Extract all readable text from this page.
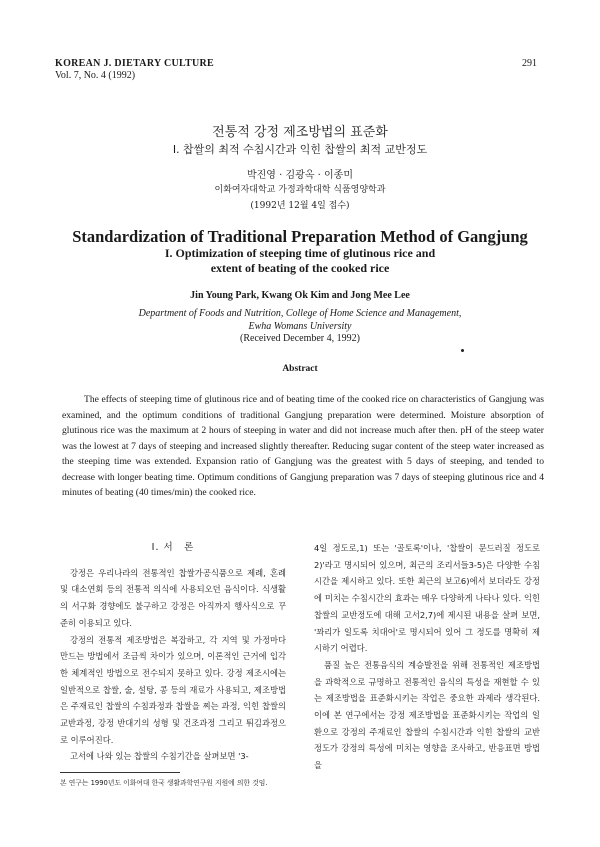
KOREAN J. DIETARY CULTURE
Vol. 7, No. 4 (1992)
291
전통적 강정 제조방법의 표준화
I. 찹쌀의 최적 수침시간과 익힌 찹쌀의 최적 교반정도
박진영 · 김광옥 · 이종미
이화여자대학교 가정과학대학 식품영양학과
(1992년 12월 4일 접수)
Standardization of Traditional Preparation Method of Gangjung
I. Optimization of steeping time of glutinous rice and
extent of beating of the cooked rice
Jin Young Park, Kwang Ok Kim and Jong Mee Lee
Department of Foods and Nutrition, College of Home Science and Management,
Ewha Womans University
(Received December 4, 1992)
Abstract
The effects of steeping time of glutinous rice and of beating time of the cooked rice on characteristics of Gangjung was examined, and the optimum conditions of traditional Gangjung preparation were determined. Moisture absorption of glutinous rice was the maximum at 2 hours of steeping in water and did not increase much after then. pH of the steep water was the lowest at 7 days of steeping and increased slightly thereafter. Reducing sugar content of the steep water increased as the steeping time was extended. Expansion ratio of Gangjung was the greatest with 5 days of steeping, and tended to decrease with longer beating time. Optimum conditions of Gangjung preparation was 7 days of steeping glutinous rice and 4 minutes of beating (40 times/min) the cooked rice.
I. 서　론

강정은 우리나라의 전통적인 찹쌀가공식품으로 제례, 혼례 및 대소연회 등의 전통적 의식에 사용되오던 음식이다. 식생활의 서구화 경향에도 불구하고 강정은 아직까지 행사식으로 꾸준히 이용되고 있다.

강정의 전통적 제조방법은 복잡하고, 각 지역 및 가정마다 만드는 방법에서 조금씩 차이가 있으며, 이론적인 근거에 입각한 체계적인 방법으로 전수되지 못하고 있다. 강정 제조시에는 일반적으로 찹쌀, 술, 설탕, 콩 등의 재료가 사용되고, 제조방법은 주재료인 찹쌀의 수침과정과 찹쌀을 찌는 과정, 익힌 찹쌀의 교반과정, 강정 반대기의 성형 및 건조과정 그리고 튀김과정으로 이루어진다.

고서에 나와 있는 찹쌀의 수침기간을 살펴보면 '3-

4일 정도로,1) 또는 '골토록'이나, '찹쌀이 문드러질 정도로2)'라고 명시되어 있으며, 최근의 조리서들3-5)은 다양한 수침시간을 제시하고 있다. 또한 최근의 보고6)에서 보더라도 강정에 미치는 수침시간의 효과는 매우 다양하게 나타나 있다. 익힌 찹쌀의 교반정도에 대해 고서2,7)에 제시된 내용을 살펴 보면, '꽈리가 일도록 치대어'로 명시되어 있어 그 정도를 명확히 제시하기 어렵다.

품질 높은 전통음식의 계승발전을 위해 전통적인 제조방법을 과학적으로 규명하고 전통적인 음식의 특성을 재현할 수 있는 제조방법을 표준화시키는 작업은 중요한 과제라 생각된다. 이에 본 연구에서는 강정 제조방법을 표준화시키는 작업의 일환으로 강정의 주재료인 찹쌀의 수침시간과 익힌 찹쌀의 교반정도가 강정의 특성에 미치는 영향을 조사하고, 반응표면 방법을

본 연구는 1990년도 이화여대 한국 생활과학연구원 지원에 의한 것임.
